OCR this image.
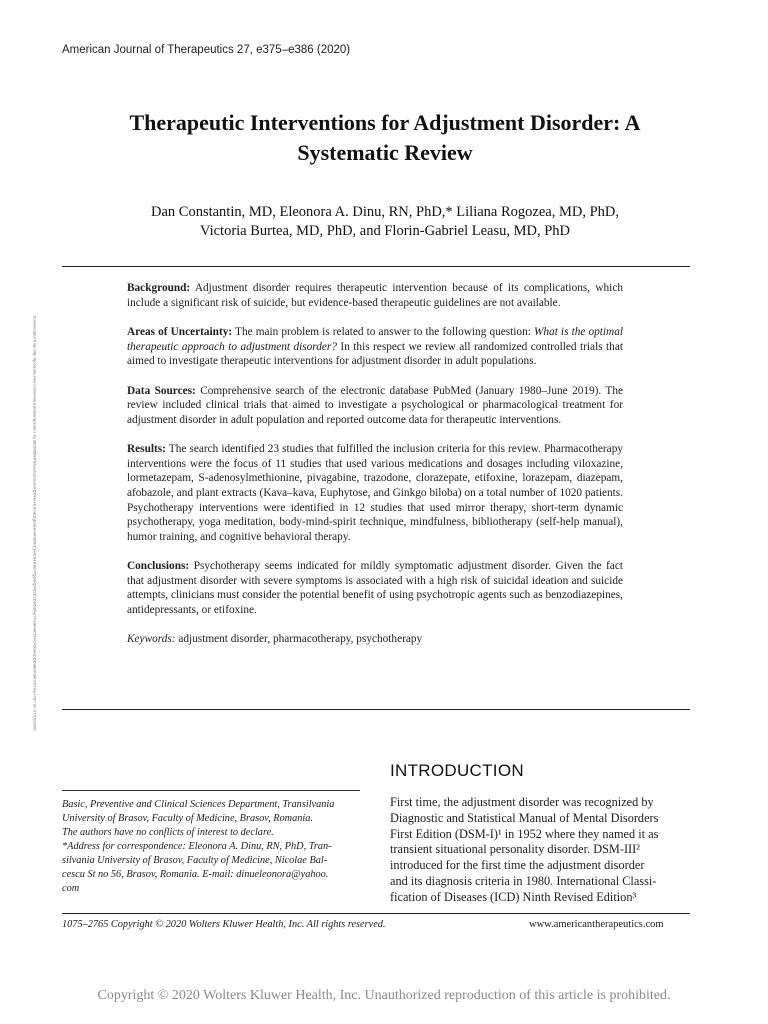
American Journal of Therapeutics 27, e375–e386 (2020)
Therapeutic Interventions for Adjustment Disorder: A
Systematic Review
Dan Constantin, MD, Eleonora A. Dinu, RN, PhD,* Liliana Rogozea, MD, PhD,
Victoria Burtea, MD, PhD, and Florin-Gabriel Leasu, MD, PhD
Downloaded from http://journals.lww.com/americantherapeutics by BhDMf5ePHKav1zEoum1tQfN4a+kJLhEZgbsIHo4XMi0hCywCX1AWnYQp/IlQrHD3i3D0OdRyi7TvSFl4Cf3VC4/OAVpDDa8KKGKV0Ymy+78= on 07/10/2020

Background: Adjustment disorder requires therapeutic intervention because of its complications, which include a significant risk of suicide, but evidence-based therapeutic guidelines are not available.

Areas of Uncertainty: The main problem is related to answer to the following question: What is the optimal therapeutic approach to adjustment disorder? In this respect we review all randomized controlled trials that aimed to investigate therapeutic interventions for adjustment disorder in adult populations.

Data Sources: Comprehensive search of the electronic database PubMed (January 1980–June 2019). The review included clinical trials that aimed to investigate a psychological or pharmacological treatment for adjustment disorder in adult population and reported outcome data for therapeutic interventions.

Results: The search identified 23 studies that fulfilled the inclusion criteria for this review. Pharmacotherapy interventions were the focus of 11 studies that used various medications and dosages including viloxazine, lormetazepam, S-adenosylmethionine, pivagabine, trazodone, clorazepate, etifoxine, lorazepam, diazepam, afobazole, and plant extracts (Kava–kava, Euphytose, and Ginkgo biloba) on a total number of 1020 patients. Psychotherapy interventions were identified in 12 studies that used mirror therapy, short-term dynamic psychotherapy, yoga meditation, body-mind-spirit technique, mindfulness, bibliotherapy (self-help manual), humor training, and cognitive behavioral therapy.

Conclusions: Psychotherapy seems indicated for mildly symptomatic adjustment disorder. Given the fact that adjustment disorder with severe symptoms is associated with a high risk of suicidal ideation and suicide attempts, clinicians must consider the potential benefit of using psychotropic agents such as benzodiazepines, antidepressants, or etifoxine.

Keywords: adjustment disorder, pharmacotherapy, psychotherapy

INTRODUCTION
First time, the adjustment disorder was recognized by
Diagnostic and Statistical Manual of Mental Disorders
First Edition (DSM-I)¹ in 1952 where they named it as
transient situational personality disorder. DSM-III²
introduced for the first time the adjustment disorder
and its diagnosis criteria in 1980. International Classi-
fication of Diseases (ICD) Ninth Revised Edition³
Basic, Preventive and Clinical Sciences Department, Transilvania
University of Brasov, Faculty of Medicine, Brasov, Romania.
The authors have no conflicts of interest to declare.
*Address for correspondence: Eleonora A. Dinu, RN, PhD, Tran-
silvania University of Brasov, Faculty of Medicine, Nicolae Bal-
cescu St no 56, Brasov, Romania. E-mail: dinueleonora@yahoo.
com
1075–2765 Copyright © 2020 Wolters Kluwer Health, Inc. All rights reserved.	www.americantherapeutics.com
Copyright © 2020 Wolters Kluwer Health, Inc. Unauthorized reproduction of this article is prohibited.
